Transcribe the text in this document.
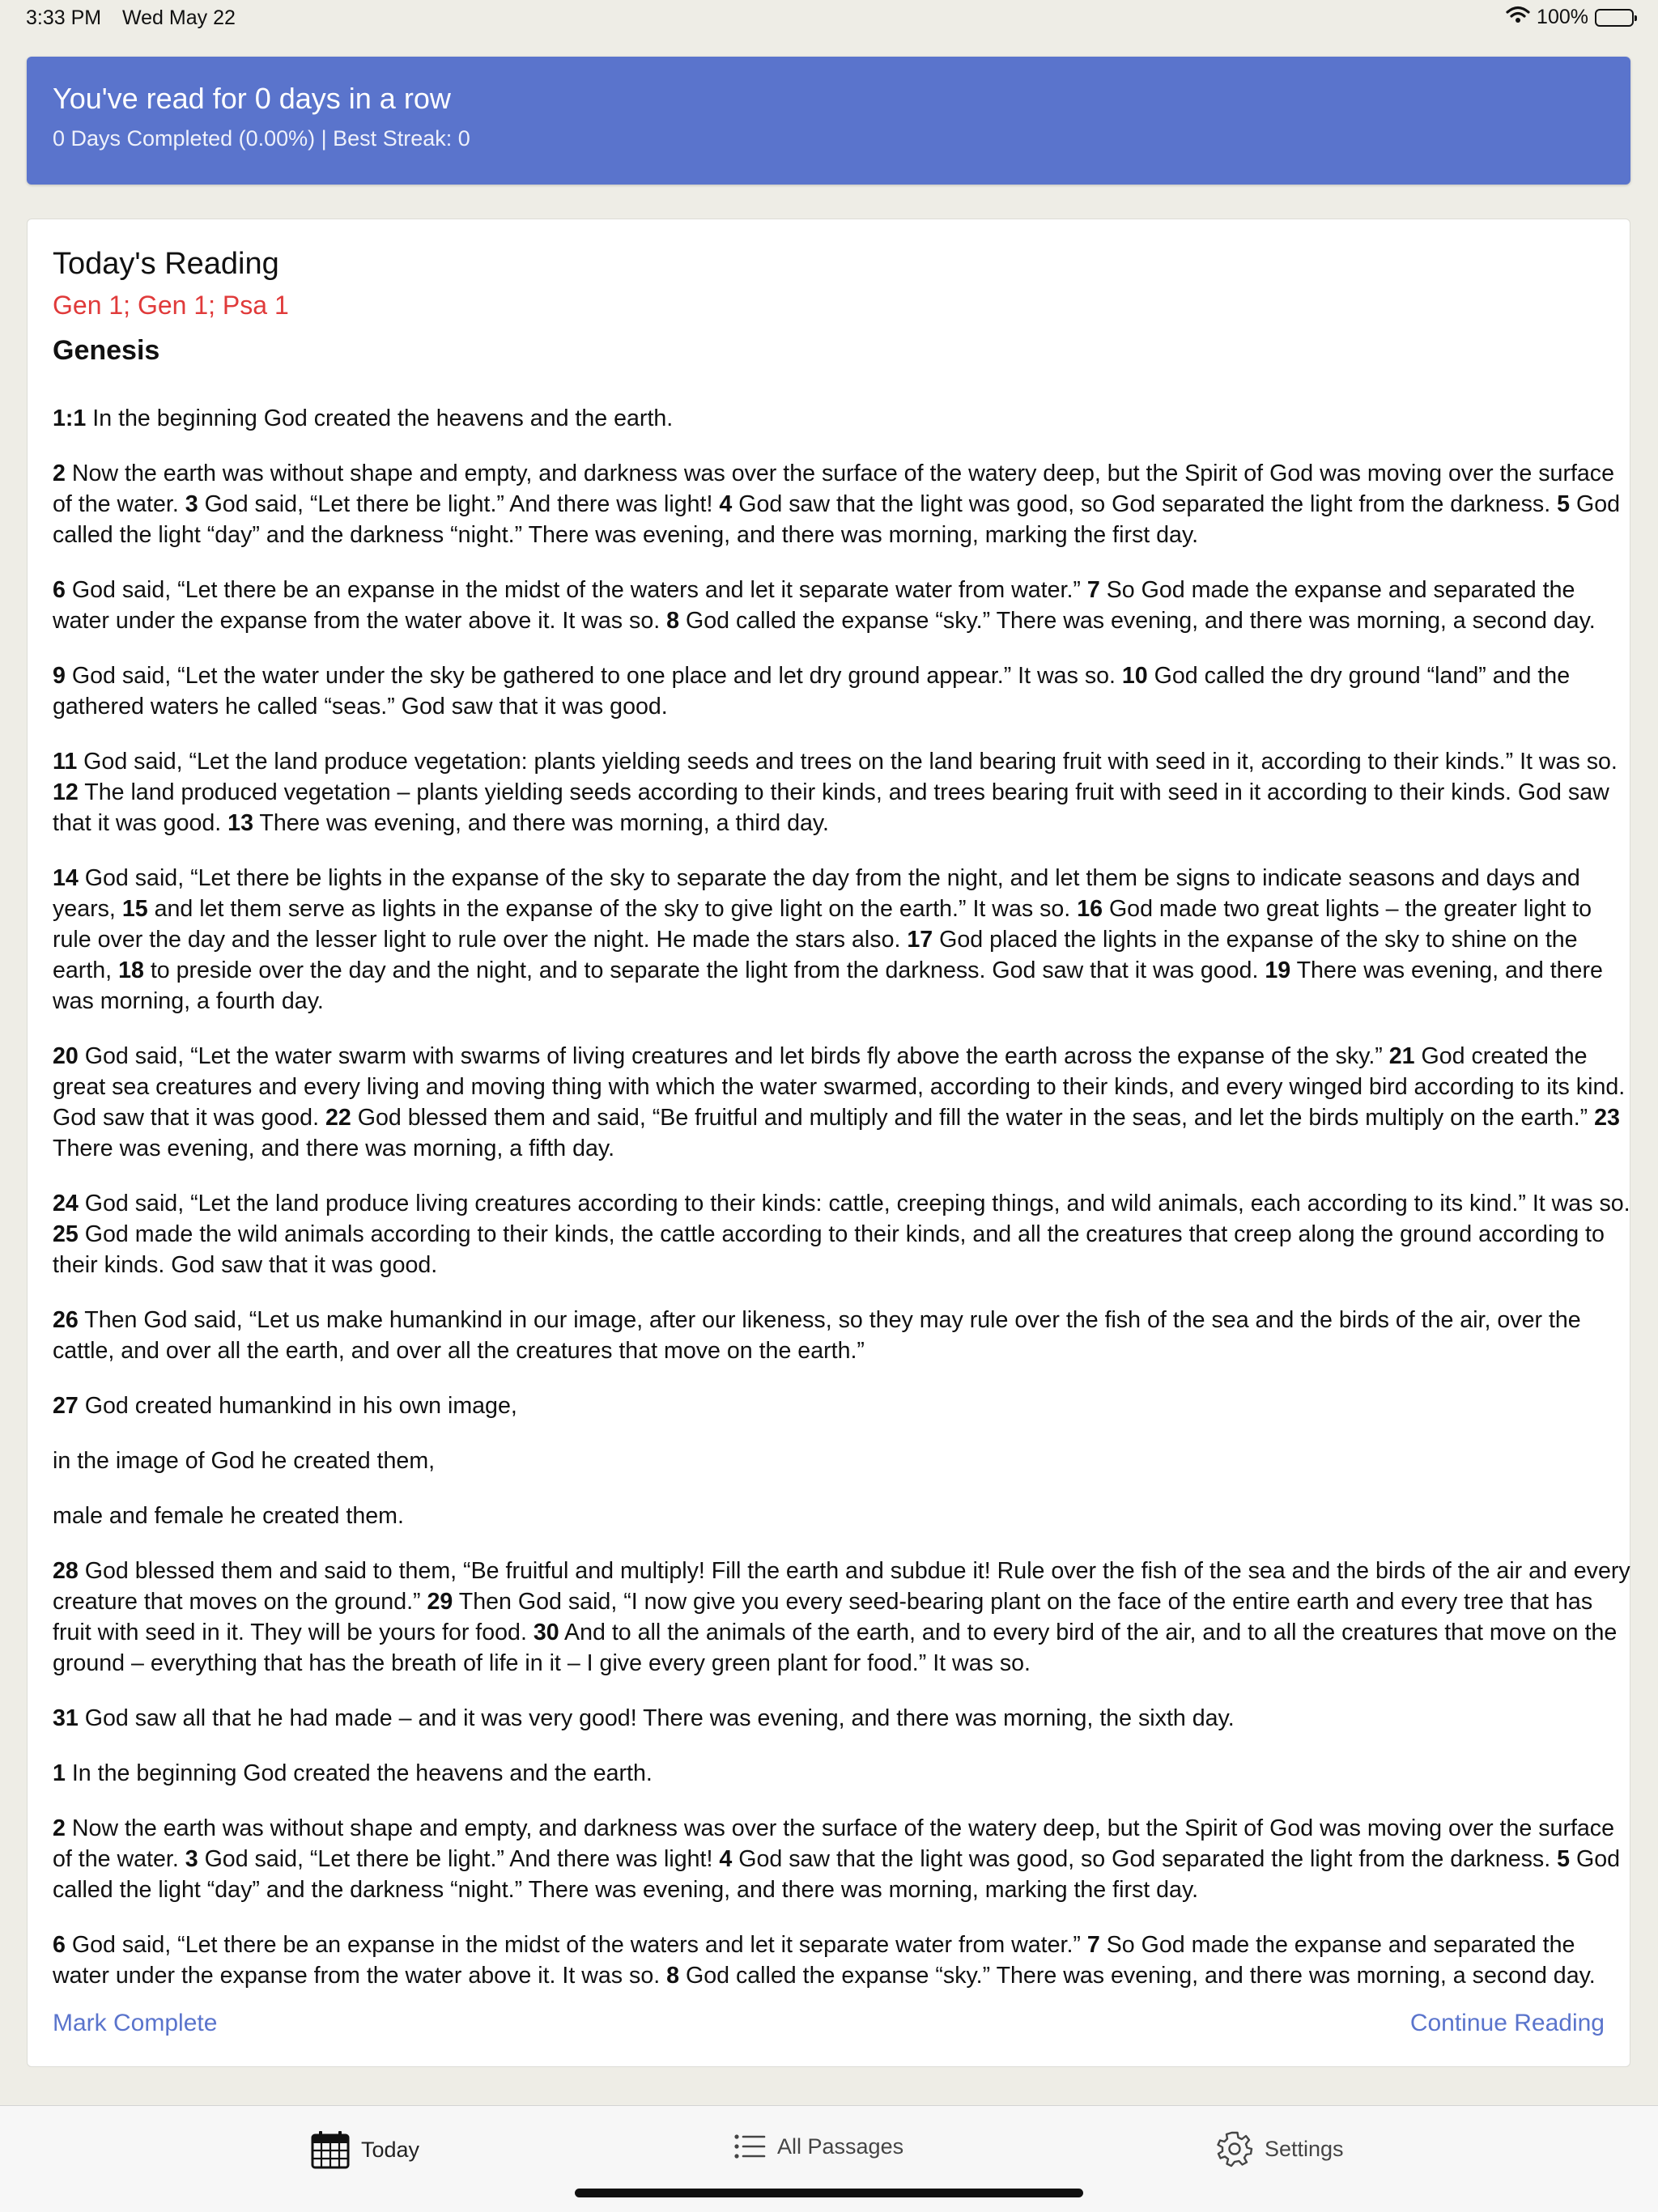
3:33 PM Wed May 22	100%
You've read for 0 days in a row
0 Days Completed (0.00%) | Best Streak: 0
Today's Reading
Gen 1; Gen 1; Psa 1
Genesis

1:1 In the beginning God created the heavens and the earth.

2 Now the earth was without shape and empty, and darkness was over the surface of the watery deep, but the Spirit of God was moving over the surface of the water. 3 God said, “Let there be light.” And there was light! 4 God saw that the light was good, so God separated the light from the darkness. 5 God called the light “day” and the darkness “night.” There was evening, and there was morning, marking the first day.

6 God said, “Let there be an expanse in the midst of the waters and let it separate water from water.” 7 So God made the expanse and separated the water under the expanse from the water above it. It was so. 8 God called the expanse “sky.” There was evening, and there was morning, a second day.

9 God said, “Let the water under the sky be gathered to one place and let dry ground appear.” It was so. 10 God called the dry ground “land” and the gathered waters he called “seas.” God saw that it was good.

11 God said, “Let the land produce vegetation: plants yielding seeds and trees on the land bearing fruit with seed in it, according to their kinds.” It was so. 12 The land produced vegetation – plants yielding seeds according to their kinds, and trees bearing fruit with seed in it according to their kinds. God saw that it was good. 13 There was evening, and there was morning, a third day.

14 God said, “Let there be lights in the expanse of the sky to separate the day from the night, and let them be signs to indicate seasons and days and years, 15 and let them serve as lights in the expanse of the sky to give light on the earth.” It was so. 16 God made two great lights – the greater light to rule over the day and the lesser light to rule over the night. He made the stars also. 17 God placed the lights in the expanse of the sky to shine on the earth, 18 to preside over the day and the night, and to separate the light from the darkness. God saw that it was good. 19 There was evening, and there was morning, a fourth day.

20 God said, “Let the water swarm with swarms of living creatures and let birds fly above the earth across the expanse of the sky.” 21 God created the great sea creatures and every living and moving thing with which the water swarmed, according to their kinds, and every winged bird according to its kind. God saw that it was good. 22 God blessed them and said, “Be fruitful and multiply and fill the water in the seas, and let the birds multiply on the earth.” 23 There was evening, and there was morning, a fifth day.

24 God said, “Let the land produce living creatures according to their kinds: cattle, creeping things, and wild animals, each according to its kind.” It was so. 25 God made the wild animals according to their kinds, the cattle according to their kinds, and all the creatures that creep along the ground according to their kinds. God saw that it was good.

26 Then God said, “Let us make humankind in our image, after our likeness, so they may rule over the fish of the sea and the birds of the air, over the cattle, and over all the earth, and over all the creatures that move on the earth.”

27 God created humankind in his own image,

in the image of God he created them,

male and female he created them.

28 God blessed them and said to them, “Be fruitful and multiply! Fill the earth and subdue it! Rule over the fish of the sea and the birds of the air and every creature that moves on the ground.” 29 Then God said, “I now give you every seed-bearing plant on the face of the entire earth and every tree that has fruit with seed in it. They will be yours for food. 30 And to all the animals of the earth, and to every bird of the air, and to all the creatures that move on the ground – everything that has the breath of life in it – I give every green plant for food.” It was so.

31 God saw all that he had made – and it was very good! There was evening, and there was morning, the sixth day.

1 In the beginning God created the heavens and the earth.

2 Now the earth was without shape and empty, and darkness was over the surface of the watery deep, but the Spirit of God was moving over the surface of the water. 3 God said, “Let there be light.” And there was light! 4 God saw that the light was good, so God separated the light from the darkness. 5 God called the light “day” and the darkness “night.” There was evening, and there was morning, marking the first day.

6 God said, “Let there be an expanse in the midst of the waters and let it separate water from water.” 7 So God made the expanse and separated the water under the expanse from the water above it. It was so. 8 God called the expanse “sky.” There was evening, and there was morning, a second day.

Mark Complete	Continue Reading
Today	All Passages	Settings
